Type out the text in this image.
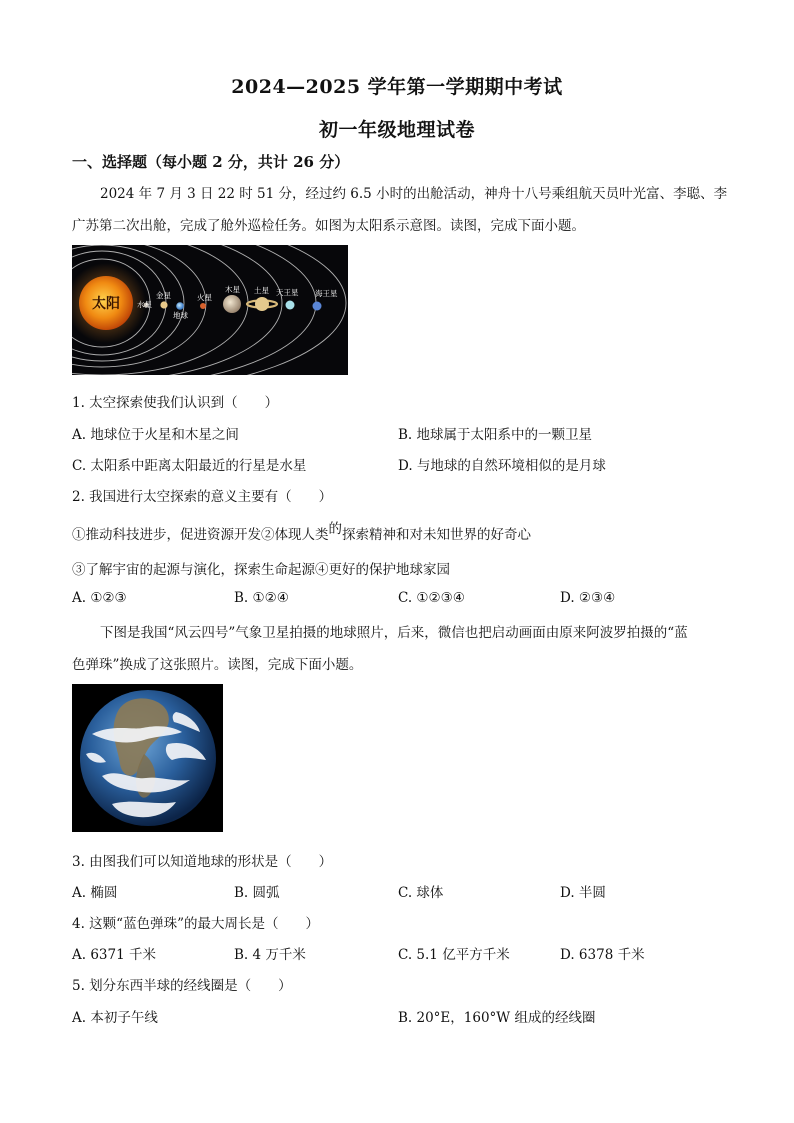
2024—2025 学年第一学期期中考试
初一年级地理试卷
一、选择题（每小题 2 分，共计 26 分）
2024 年 7 月 3 日 22 时 51 分，经过约 6.5 小时的出舱活动，神舟十八号乘组航天员叶光富、李聪、李
广苏第二次出舱，完成了舱外巡检任务。如图为太阳系示意图。读图，完成下面小题。
太阳 水星
金星
地球
火星
木星 土星 天王星 海王星
1. 太空探索使我们认识到（　　）
A. 地球位于火星和木星之间	B. 地球属于太阳系中的一颗卫星
C. 太阳系中距离太阳最近的行星是水星	D. 与地球的自然环境相似的是月球
2. 我国进行太空探索的意义主要有（　　）
①推动科技进步，促进资源开发②体现人类的探索精神和对未知世界的好奇心
③了解宇宙的起源与演化，探索生命起源④更好的保护地球家园
A. ①②③	B. ①②④	C. ①②③④	D. ②③④
下图是我国“风云四号”气象卫星拍摄的地球照片，后来，微信也把启动画面由原来阿波罗拍摄的“蓝
色弹珠”换成了这张照片。读图，完成下面小题。
3. 由图我们可以知道地球的形状是（　　）
A. 椭圆	B. 圆弧	C. 球体	D. 半圆
4. 这颗“蓝色弹珠”的最大周长是（　　）
A. 6371 千米	B. 4 万千米	C. 5.1 亿平方千米	D. 6378 千米
5. 划分东西半球的经线圈是（　　）
A. 本初子午线	B. 20°E，160°W 组成的经线圈
